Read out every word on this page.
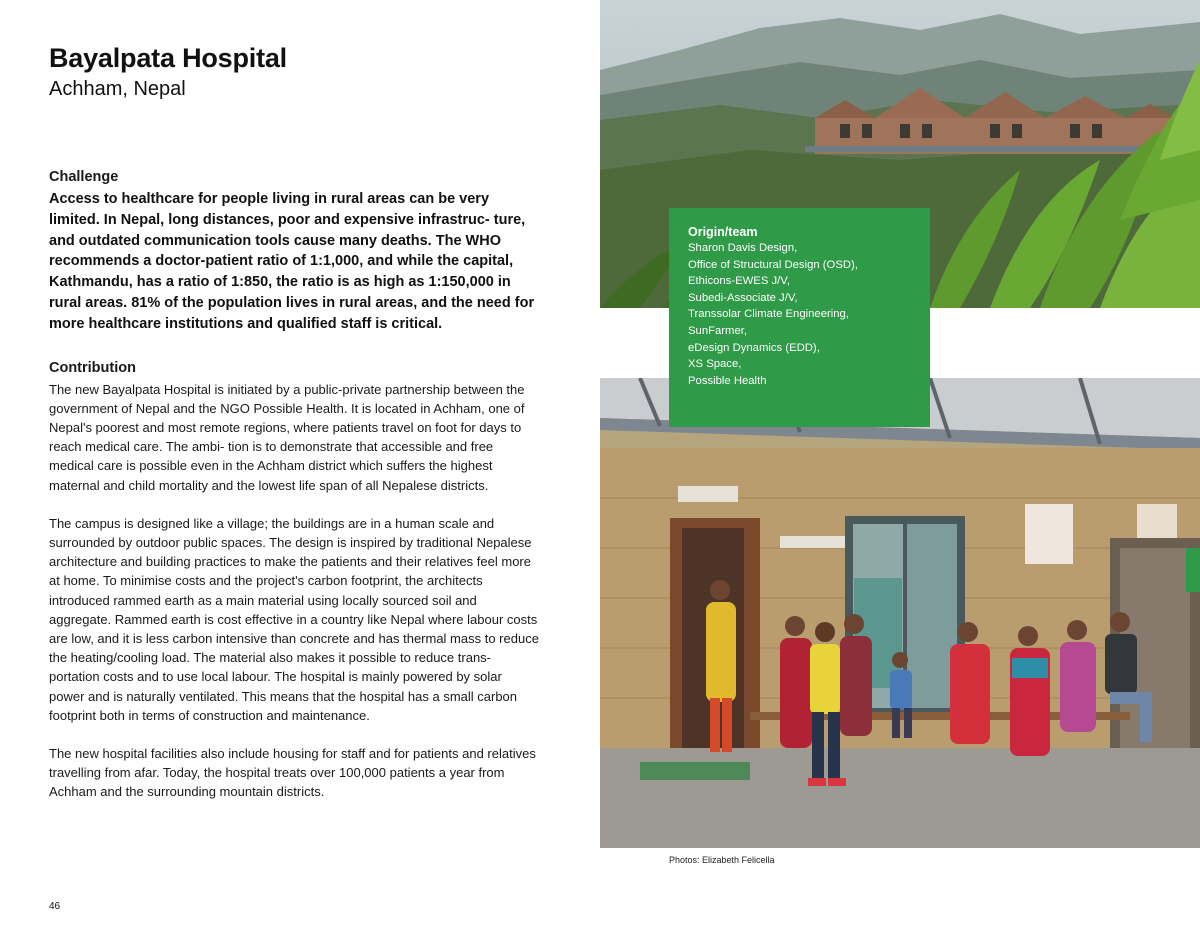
Bayalpata Hospital
Achham, Nepal
Challenge

Access to healthcare for people living in rural areas can be very limited. In Nepal, long distances, poor and expensive infrastruc- ture, and outdated communication tools cause many deaths. The WHO recommends a doctor-patient ratio of 1:1,000, and while the capital, Kathmandu, has a ratio of 1:850, the ratio is as high as 1:150,000 in rural areas. 81% of the population lives in rural areas, and the need for more healthcare institutions and qualified staff is critical.

Contribution

The new Bayalpata Hospital is initiated by a public-private partnership between the government of Nepal and the NGO Possible Health. It is located in Achham, one of Nepal's poorest and most remote regions, where patients travel on foot for days to reach medical care. The ambi- tion is to demonstrate that accessible and free medical care is possible even in the Achham district which suffers the highest maternal and child mortality and the lowest life span of all Nepalese districts.

The campus is designed like a village; the buildings are in a human scale and surrounded by outdoor public spaces. The design is inspired by traditional Nepalese architecture and building practices to make the patients and their relatives feel more at home. To minimise costs and the project's carbon footprint, the architects introduced rammed earth as a main material using locally sourced soil and aggregate. Rammed earth is cost effective in a country like Nepal where labour costs are low, and it is less carbon intensive than concrete and has thermal mass to reduce the heating/cooling load. The material also makes it possible to reduce trans- portation costs and to use local labour. The hospital is mainly powered by solar power and is naturally ventilated. This means that the hospital has a small carbon footprint both in terms of construction and maintenance.

The new hospital facilities also include housing for staff and for patients and relatives travelling from afar. Today, the hospital treats over 100,000 patients a year from Achham and the surrounding mountain districts.

46
Origin/team
Sharon Davis Design,
Office of Structural Design (OSD),
Ethicons-EWES J/V,
Subedi-Associate J/V,
Transsolar Climate Engineering,
SunFarmer,
eDesign Dynamics (EDD),
XS Space,
Possible Health
Photos: Elizabeth Felicella
